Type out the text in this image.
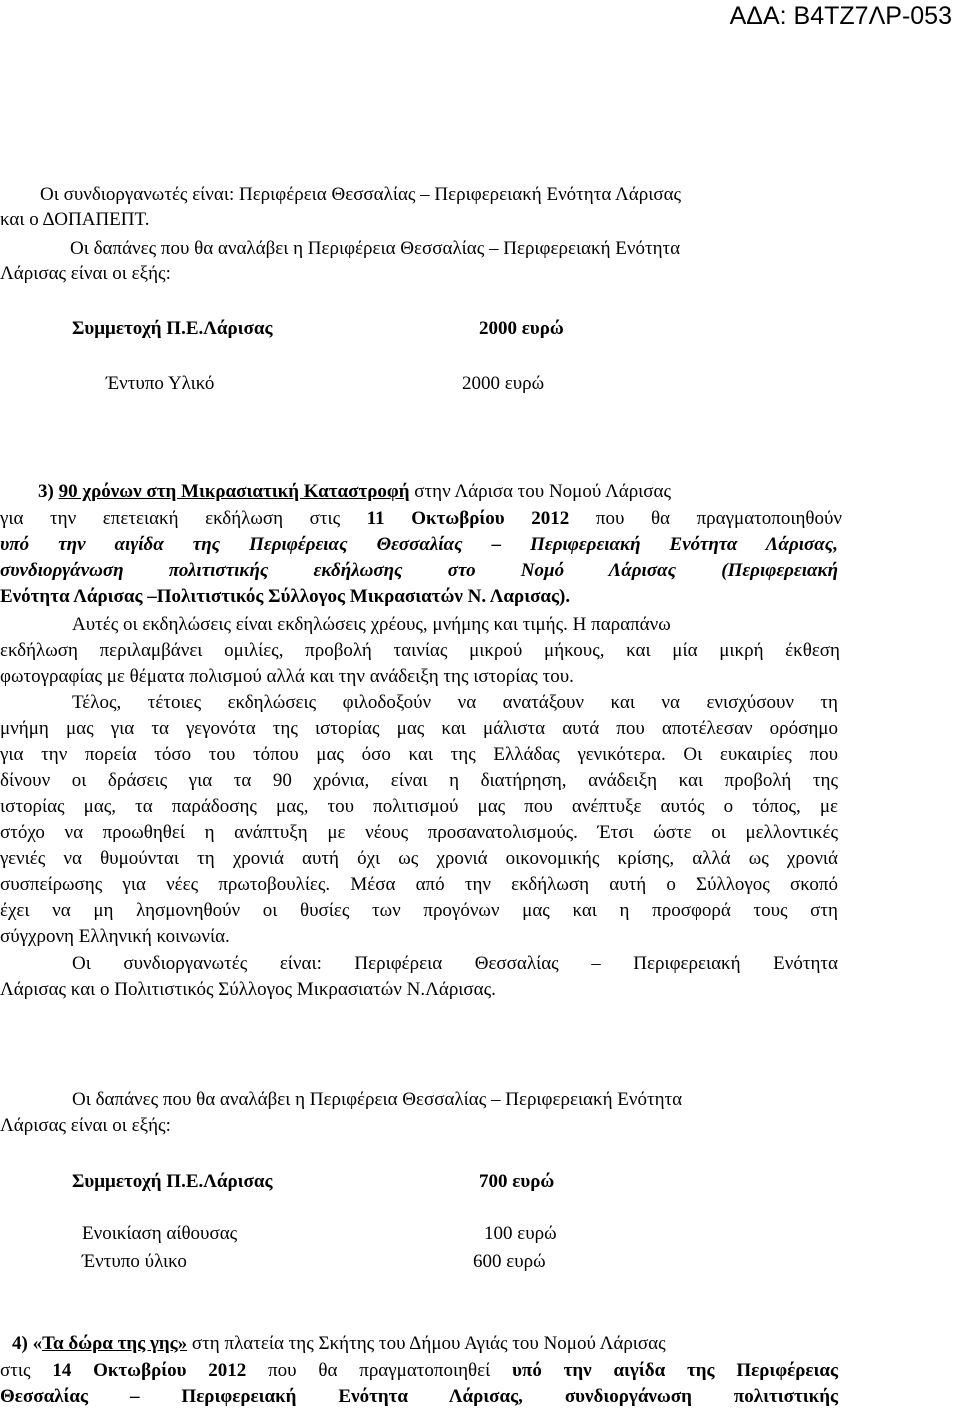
ΑΔΑ: Β4ΤΖ7ΛΡ-053
Οι συνδιοργανωτές είναι: Περιφέρεια Θεσσαλίας – Περιφερειακή Ενότητα Λάρισας
και ο ΔΟΠΑΠΕΠΤ.
Οι δαπάνες που θα αναλάβει η Περιφέρεια Θεσσαλίας – Περιφερειακή Ενότητα
Λάρισας είναι οι εξής:
Συμμετοχή Π.Ε.Λάρισας	2000 ευρώ
Έντυπο Υλικό	2000 ευρώ
3) 90 χρόνων στη Μικρασιατική Καταστροφή στην Λάρισα του Νομού Λάρισας
για την επετειακή εκδήλωση στις 11 Οκτωβρίου 2012 που θα πραγματοποιηθούν
υπό την αιγίδα της Περιφέρειας Θεσσαλίας – Περιφερειακή Ενότητα Λάρισας,
συνδιοργάνωση πολιτιστικής εκδήλωσης στο Νομό Λάρισας (Περιφερειακή
Ενότητα Λάρισας –Πολιτιστικός Σύλλογος Μικρασιατών Ν. Λαρισας).
Αυτές οι εκδηλώσεις είναι εκδηλώσεις χρέους, μνήμης και τιμής. Η παραπάνω
εκδήλωση περιλαμβάνει ομιλίες, προβολή ταινίας μικρού μήκους, και μία μικρή έκθεση
φωτογραφίας με θέματα πολισμού αλλά και την ανάδειξη της ιστορίας του.
Τέλος, τέτοιες εκδηλώσεις φιλοδοξούν να ανατάξουν και να ενισχύσουν τη
μνήμη μας για τα γεγονότα της ιστορίας μας και μάλιστα αυτά που αποτέλεσαν ορόσημο
για την πορεία τόσο του τόπου μας όσο και της Ελλάδας γενικότερα. Οι ευκαιρίες που
δίνουν οι δράσεις για τα 90 χρόνια, είναι η διατήρηση, ανάδειξη και προβολή της
ιστορίας μας, τα παράδοσης μας, του πολιτισμού μας που ανέπτυξε αυτός ο τόπος, με
στόχο να προωθηθεί η ανάπτυξη με νέους προσανατολισμούς. Έτσι ώστε οι μελλοντικές
γενιές να θυμούνται τη χρονιά αυτή όχι ως χρονιά οικονομικής κρίσης, αλλά ως χρονιά
συσπείρωσης για νέες πρωτοβουλίες. Μέσα από την εκδήλωση αυτή ο Σύλλογος σκοπό
έχει να μη λησμονηθούν οι θυσίες των προγόνων μας και η προσφορά τους στη
σύγχρονη Ελληνική κοινωνία.
Οι συνδιοργανωτές είναι: Περιφέρεια Θεσσαλίας – Περιφερειακή Ενότητα
Λάρισας και ο Πολιτιστικός Σύλλογος Μικρασιατών Ν.Λάρισας.
Οι δαπάνες που θα αναλάβει η Περιφέρεια Θεσσαλίας – Περιφερειακή Ενότητα
Λάρισας είναι οι εξής:
Συμμετοχή Π.Ε.Λάρισας	700 ευρώ
Ενοικίαση αίθουσας	100 ευρώ
Έντυπο ύλικο	600 ευρώ
4) «Τα δώρα της γης» στη πλατεία της Σκήτης του Δήμου Αγιάς του Νομού Λάρισας
στις 14 Οκτωβρίου 2012 που θα πραγματοποιηθεί υπό την αιγίδα της Περιφέρειας
Θεσσαλίας – Περιφερειακή Ενότητα Λάρισας, συνδιοργάνωση πολιτιστικής
